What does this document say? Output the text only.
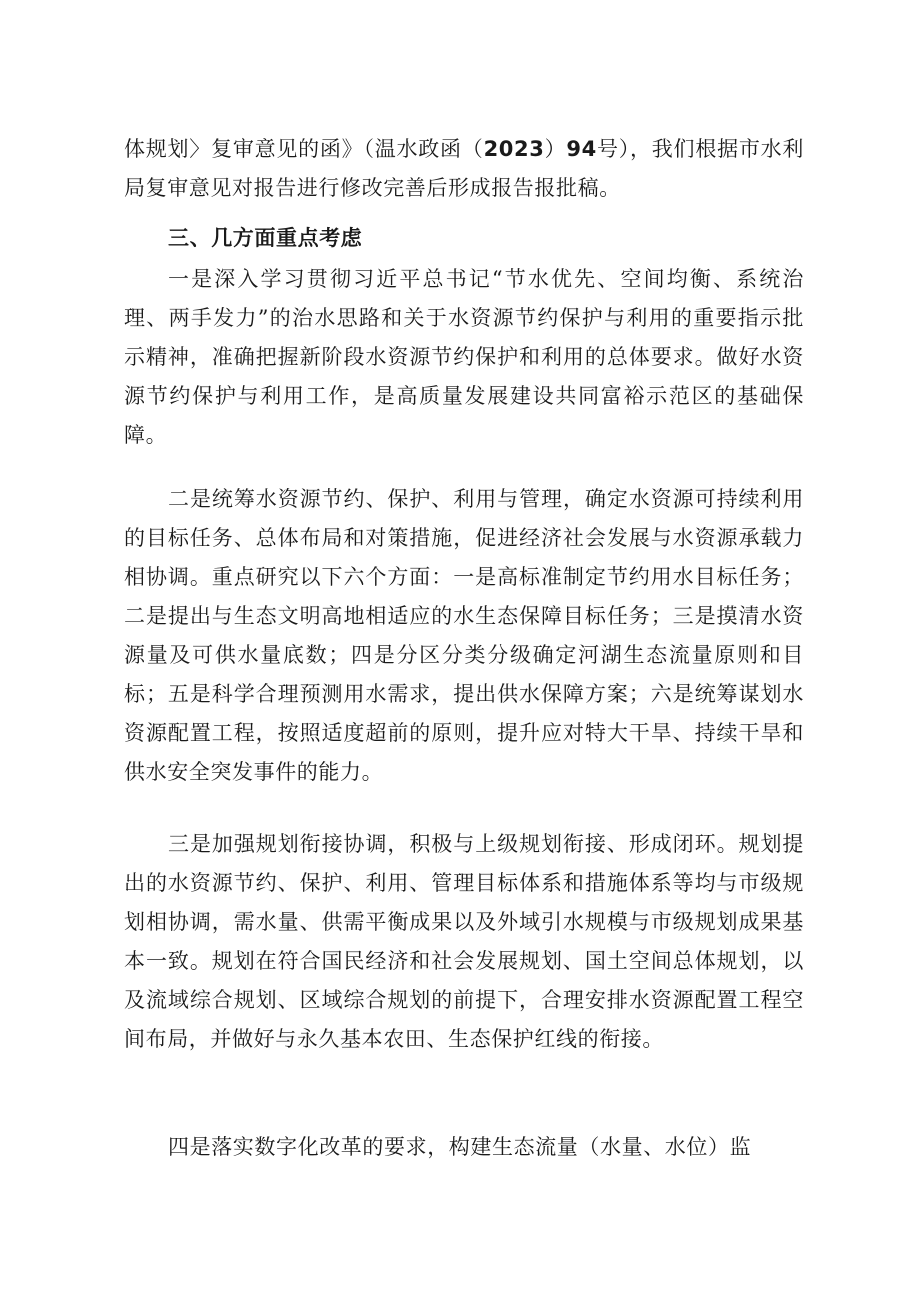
体规划〉复审意见的函》（温水政函（2023）94号），我们根据市水利局复审意见对报告进行修改完善后形成报告报批稿。

三、几方面重点考虑

一是深入学习贯彻习近平总书记“节水优先、空间均衡、系统治理、两手发力”的治水思路和关于水资源节约保护与利用的重要指示批示精神，准确把握新阶段水资源节约保护和利用的总体要求。做好水资源节约保护与利用工作，是高质量发展建设共同富裕示范区的基础保障。

二是统筹水资源节约、保护、利用与管理，确定水资源可持续利用的目标任务、总体布局和对策措施，促进经济社会发展与水资源承载力相协调。重点研究以下六个方面：一是高标准制定节约用水目标任务；二是提出与生态文明高地相适应的水生态保障目标任务；三是摸清水资源量及可供水量底数；四是分区分类分级确定河湖生态流量原则和目标；五是科学合理预测用水需求，提出供水保障方案；六是统筹谋划水资源配置工程，按照适度超前的原则，提升应对特大干旱、持续干旱和供水安全突发事件的能力。

三是加强规划衔接协调，积极与上级规划衔接、形成闭环。规划提出的水资源节约、保护、利用、管理目标体系和措施体系等均与市级规划相协调，需水量、供需平衡成果以及外域引水规模与市级规划成果基本一致。规划在符合国民经济和社会发展规划、国土空间总体规划，以及流域综合规划、区域综合规划的前提下，合理安排水资源配置工程空间布局，并做好与永久基本农田、生态保护红线的衔接。

四是落实数字化改革的要求，构建生态流量（水量、水位）监
